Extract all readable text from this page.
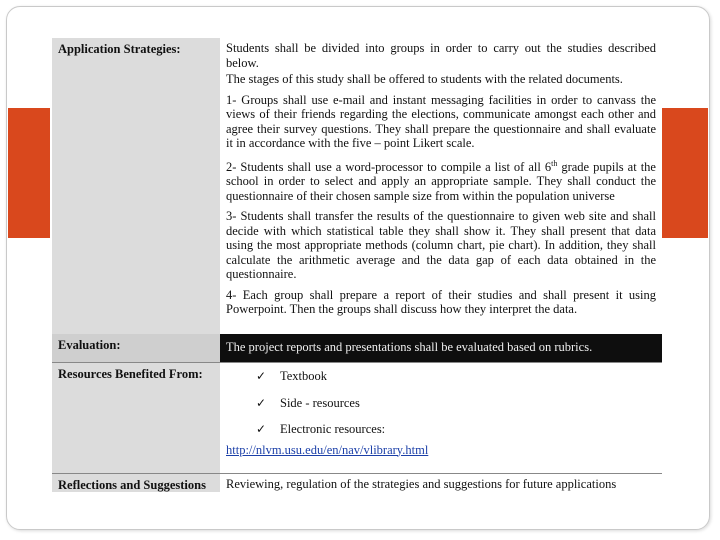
Application Strategies:	Students shall be divided into groups in order to carry out the studies described below.

The stages of this study shall be offered to students with the related documents.

1- Groups shall use e-mail and instant messaging facilities in order to canvass the views of their friends regarding the elections, communicate amongst each other and agree their survey questions. They shall prepare the questionnaire and shall evaluate it in accordance with the five – point Likert scale.

2- Students shall use a word-processor to compile a list of all 6th grade pupils at the school in order to select and apply an appropriate sample. They shall conduct the questionnaire of their chosen sample size from within the population universe

3- Students shall transfer the results of the questionnaire to given web site and shall decide with which statistical table they shall show it. They shall present that data using the most appropriate methods (column chart, pie chart). In addition, they shall calculate the arithmetic average and the data gap of each data obtained in the questionnaire.

4- Each group shall prepare a report of their studies and shall present it using Powerpoint. Then the groups shall discuss how they interpret the data.

Evaluation:	The project reports and presentations shall be evaluated based on rubrics.
Resources Benefited From:	✓	Textbook
✓	Side - resources
✓	Electronic resources:
http://nlvm.usu.edu/en/nav/vlibrary.html
Reflections and Suggestions	Reviewing, regulation of the strategies and suggestions for future applications
